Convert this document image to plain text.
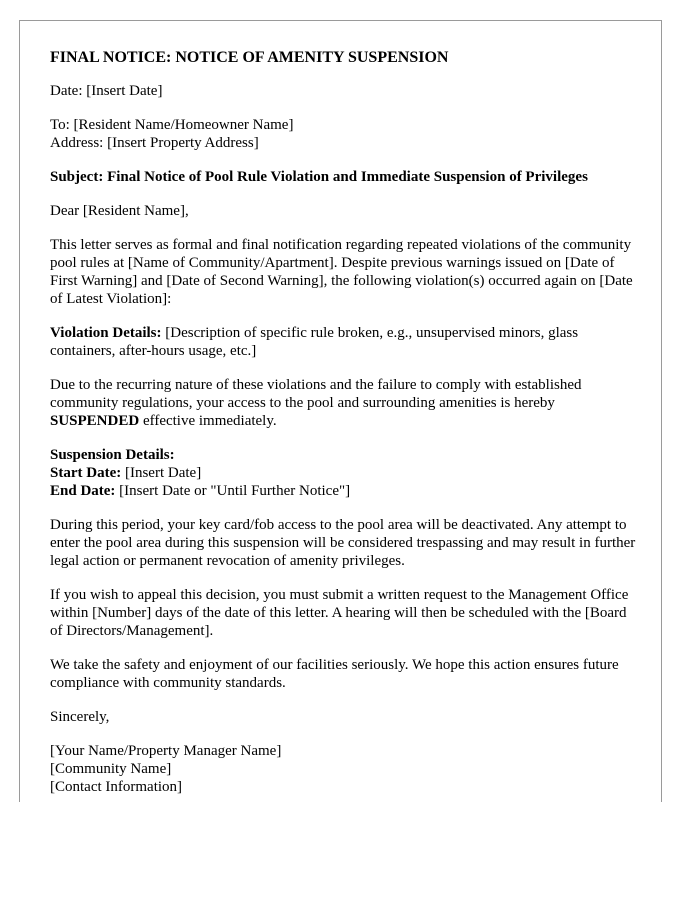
FINAL NOTICE: NOTICE OF AMENITY SUSPENSION

Date: [Insert Date]

To: [Resident Name/Homeowner Name]
Address: [Insert Property Address]

Subject: Final Notice of Pool Rule Violation and Immediate Suspension of Privileges

Dear [Resident Name],

This letter serves as formal and final notification regarding repeated violations of the community pool rules at [Name of Community/Apartment]. Despite previous warnings issued on [Date of First Warning] and [Date of Second Warning], the following violation(s) occurred again on [Date of Latest Violation]:

Violation Details: [Description of specific rule broken, e.g., unsupervised minors, glass containers, after-hours usage, etc.]

Due to the recurring nature of these violations and the failure to comply with established community regulations, your access to the pool and surrounding amenities is hereby SUSPENDED effective immediately.

Suspension Details:
Start Date: [Insert Date]
End Date: [Insert Date or "Until Further Notice"]

During this period, your key card/fob access to the pool area will be deactivated. Any attempt to enter the pool area during this suspension will be considered trespassing and may result in further legal action or permanent revocation of amenity privileges.

If you wish to appeal this decision, you must submit a written request to the Management Office within [Number] days of the date of this letter. A hearing will then be scheduled with the [Board of Directors/Management].

We take the safety and enjoyment of our facilities seriously. We hope this action ensures future compliance with community standards.

Sincerely,

[Your Name/Property Manager Name]
[Community Name]
[Contact Information]
